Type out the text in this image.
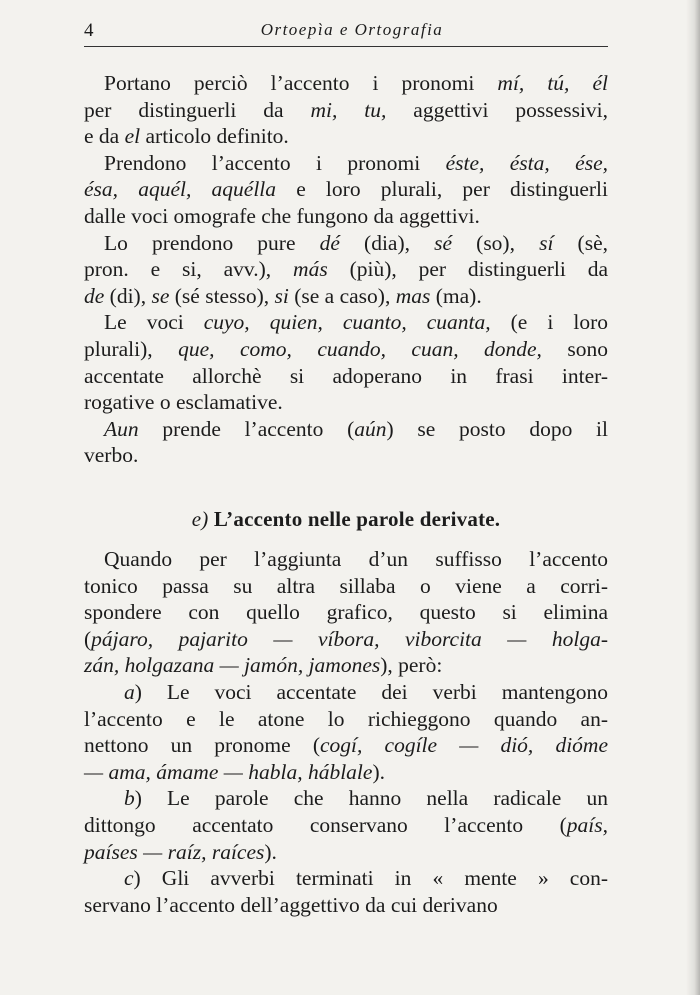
4	Ortoepìa e Ortografia
Portano perciò l’accento i pronomi mí, tú, él
per distinguerli da mi, tu, aggettivi possessivi,
e da el articolo definito.
Prendono l’accento i pronomi éste, ésta, ése,
ésa, aquél, aquélla e loro plurali, per distinguerli
dalle voci omografe che fungono da aggettivi.
Lo prendono pure dé (dia), sé (so), sí (sè,
pron. e si, avv.), más (più), per distinguerli da
de (di), se (sé stesso), si (se a caso), mas (ma).
Le voci cuyo, quien, cuanto, cuanta, (e i loro
plurali), que, como, cuando, cuan, donde, sono
accentate allorchè si adoperano in frasi inter-
rogative o esclamative.
Aun prende l’accento (aún) se posto dopo il
verbo.
e) L’accento nelle parole derivate.
Quando per l’aggiunta d’un suffisso l’accento
tonico passa su altra sillaba o viene a corri-
spondere con quello grafico, questo si elimina
(pájaro, pajarito — víbora, viborcita — holga-
zán, holgazana — jamón, jamones), però:
a) Le voci accentate dei verbi mantengono
l’accento e le atone lo richieggono quando an-
nettono un pronome (cogí, cogíle — dió, dióme
— ama, ámame — habla, háblale).
b) Le parole che hanno nella radicale un
dittongo accentato conservano l’accento (país,
países — raíz, raíces).
c) Gli avverbi terminati in « mente » con-
servano l’accento dell’aggettivo da cui derivano
